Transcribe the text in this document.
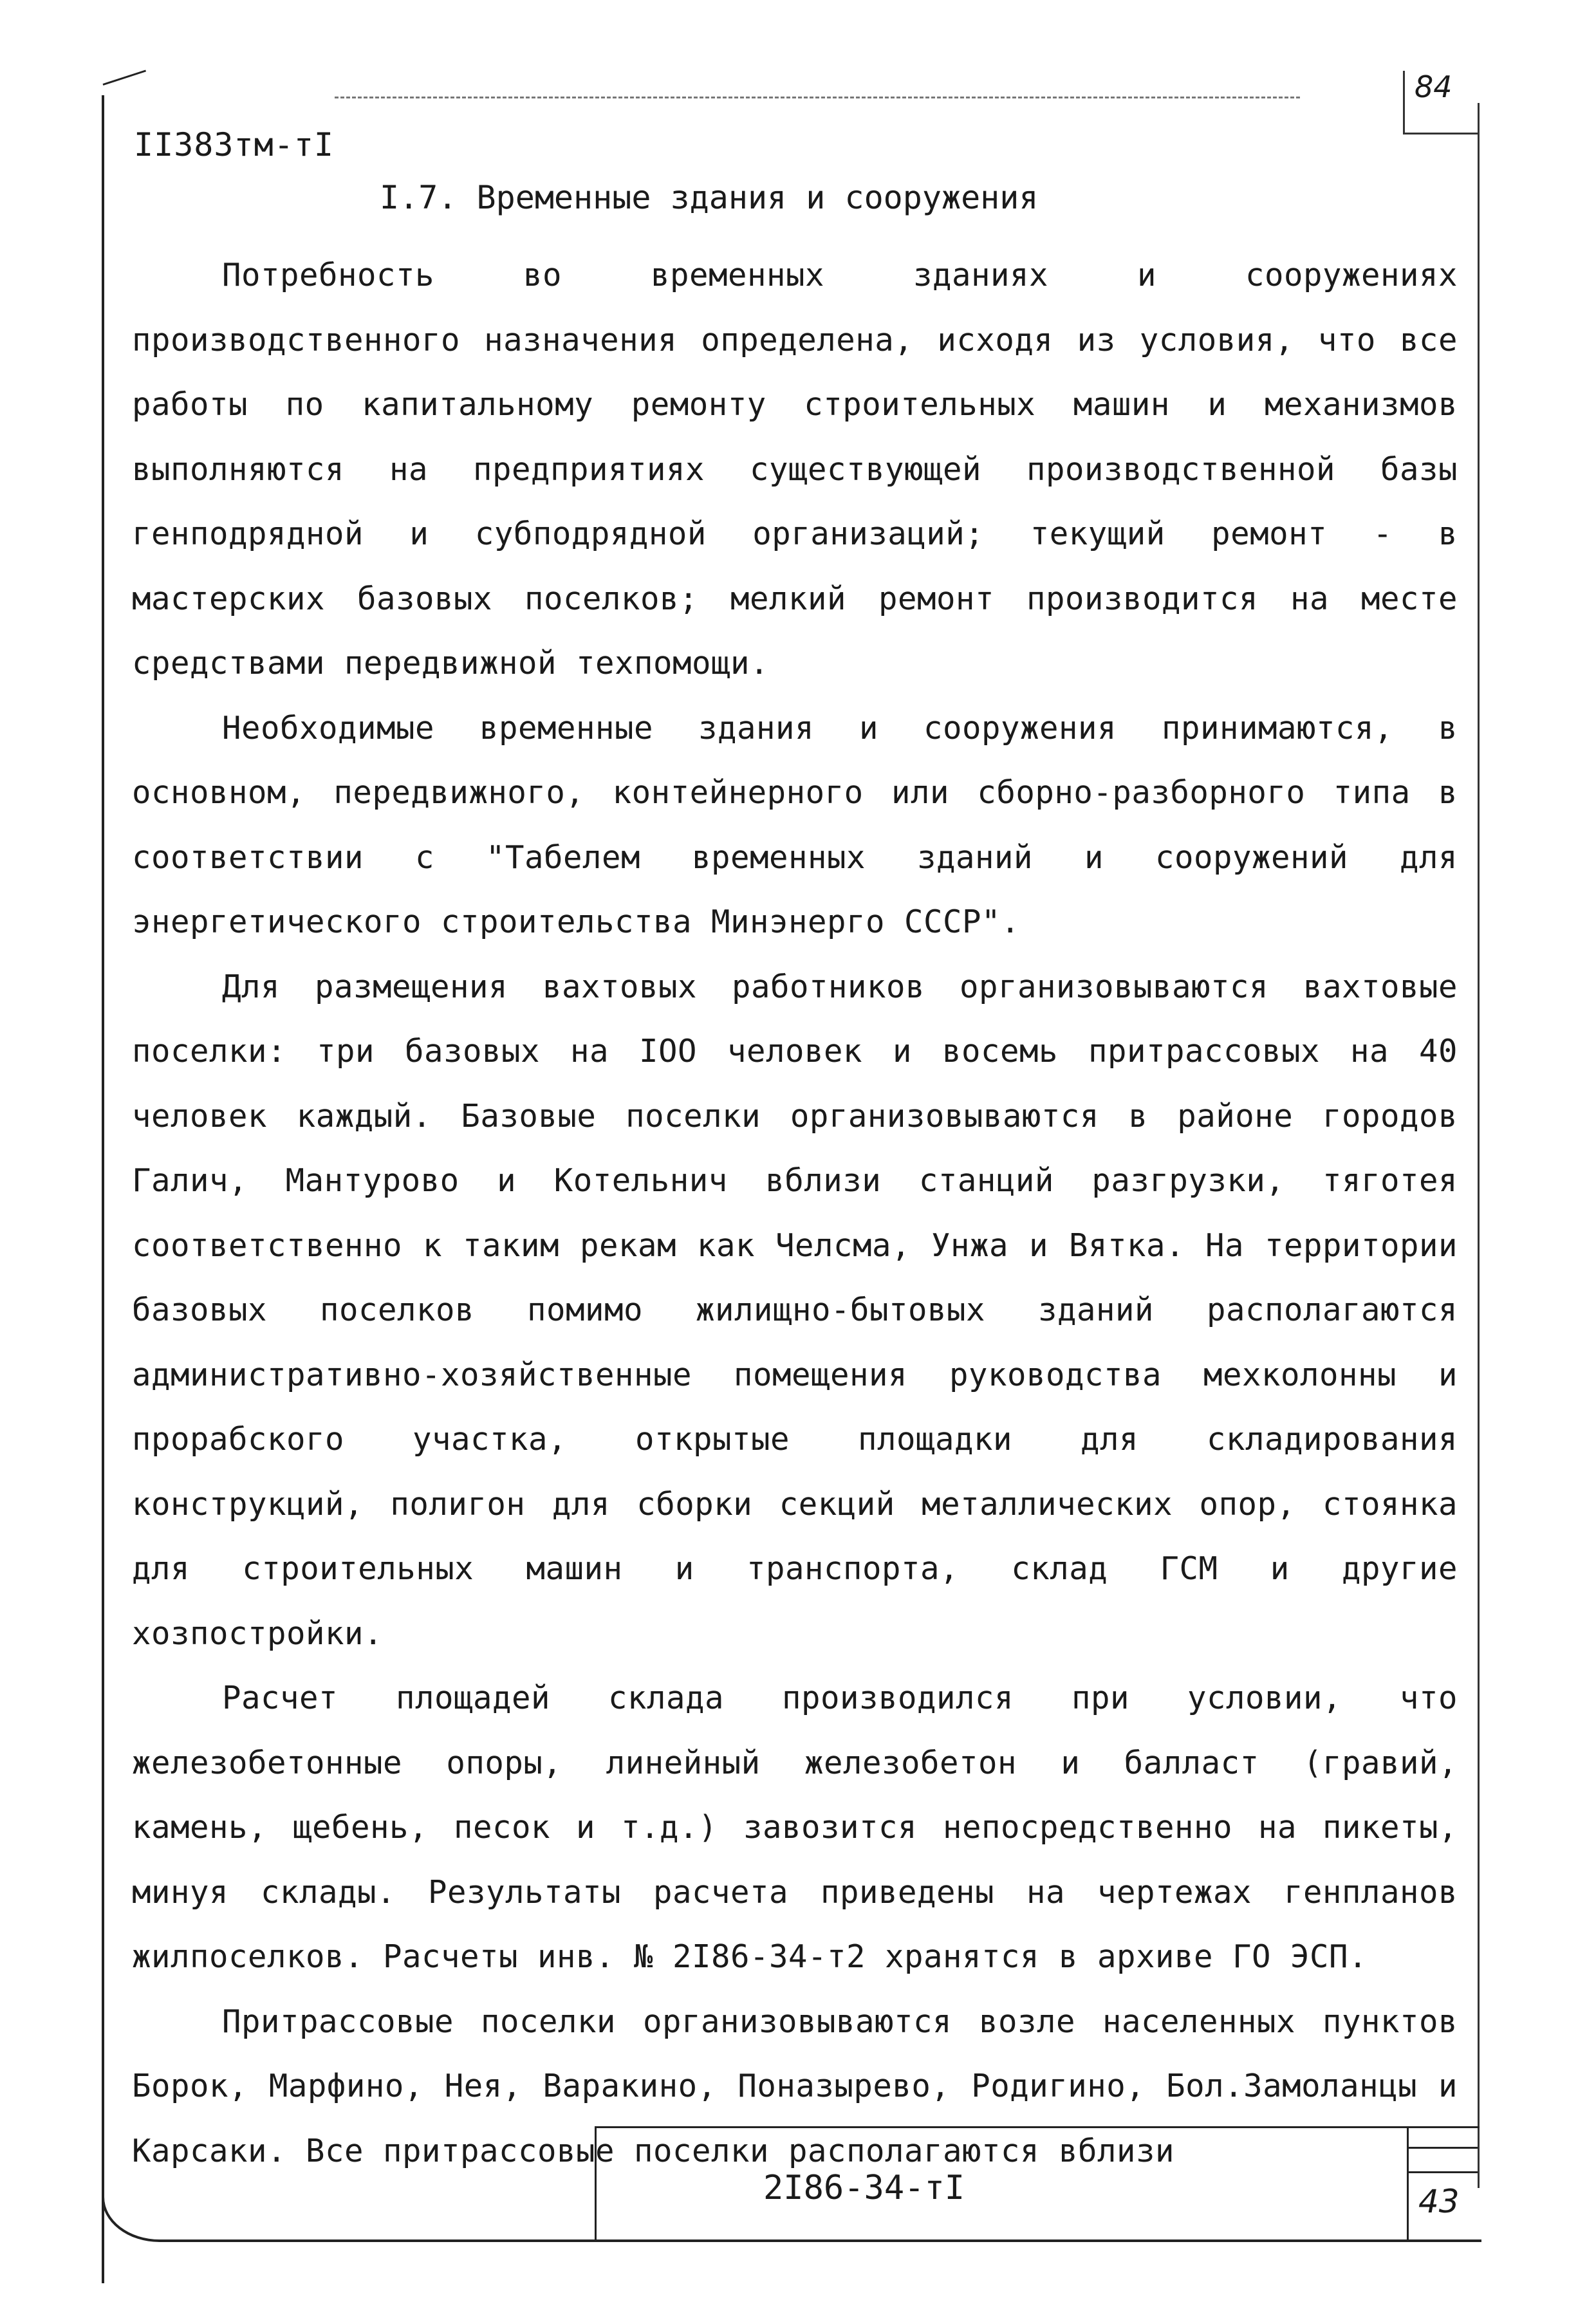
84
II383тм-тI
I.7. Временные здания и сооружения

Потребность во временных зданиях и сооружениях производственного назначения определена, исходя из условия, что все работы по капитальному ремонту строительных машин и механизмов выполняются на предприятиях существующей производственной базы генподрядной и субподрядной организаций; текущий ремонт - в мастерских базовых поселков; мелкий ремонт производится на месте средствами передвижной техпомощи.

Необходимые временные здания и сооружения принимаются, в основном, передвижного, контейнерного или сборно-разборного типа в соответствии с "Табелем временных зданий и сооружений для энергетического строительства Минэнерго СССР".

Для размещения вахтовых работников организовываются вахтовые поселки: три базовых на IOO человек и восемь притрассовых на 40 человек каждый. Базовые поселки организовываются в районе городов Галич, Мантурово и Котельнич вблизи станций разгрузки, тяготея соответственно к таким рекам как Челсма, Унжа и Вятка. На территории базовых поселков помимо жилищно-бытовых зданий располагаются административно-хозяйственные помещения руководства мехколонны и прорабского участка, открытые площадки для складирования конструкций, полигон для сборки секций металлических опор, стоянка для строительных машин и транспорта, склад ГСМ и другие хозпостройки.

Расчет площадей склада производился при условии, что железобетонные опоры, линейный железобетон и балласт (гравий, камень, щебень, песок и т.д.) завозится непосредственно на пикеты, минуя склады. Результаты расчета приведены на чертежах генпланов жилпоселков. Расчеты инв. № 2I86-34-т2 хранятся в архиве ГО ЭСП.

Притрассовые поселки организовываются возле населенных пунктов Борок, Марфино, Нея, Варакино, Поназырево, Родигино, Бол.Замоланцы и Карсаки. Все притрассовые поселки располагаются вблизи

2I86-34-тI	43
